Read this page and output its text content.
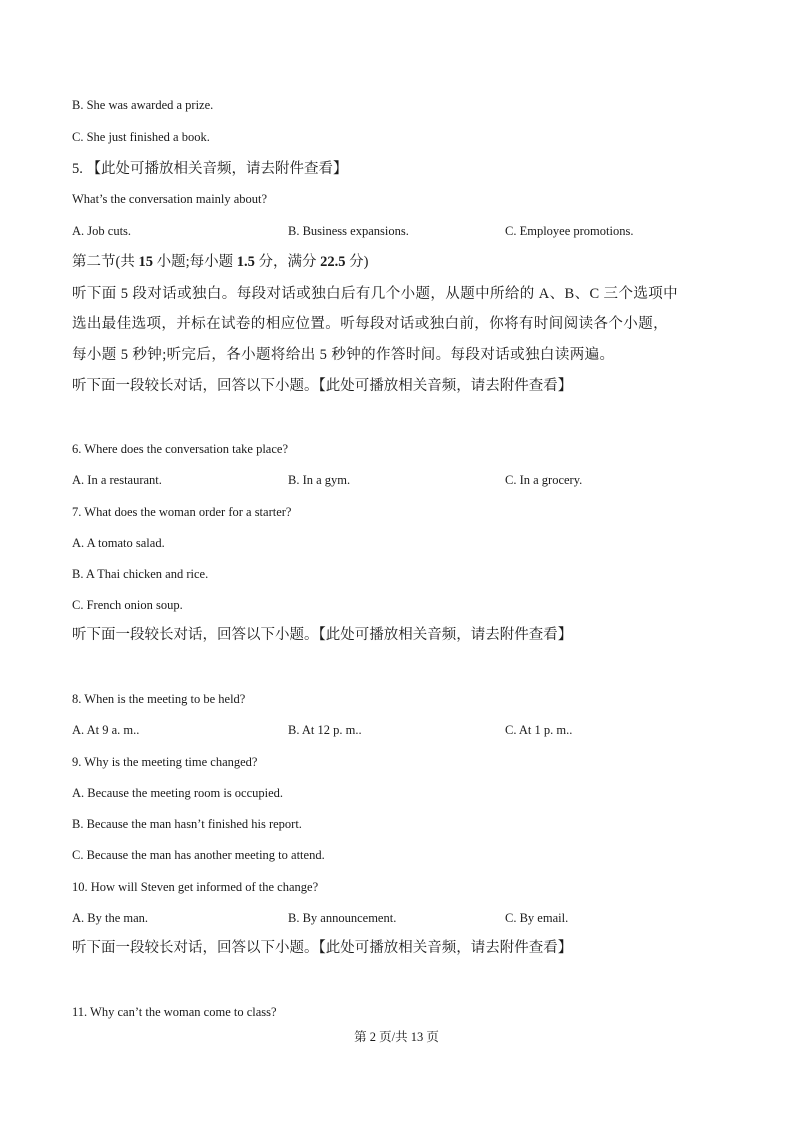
B. She was awarded a prize.
C. She just finished a book.
5. 【此处可播放相关音频，请去附件查看】
What’s the conversation mainly about?
A. Job cuts.	B. Business expansions.	C. Employee promotions.
第二节(共 15 小题;每小题 1.5 分，满分 22.5 分)
听下面 5 段对话或独白。每段对话或独白后有几个小题，从题中所给的 A、B、C 三个选项中
选出最佳选项，并标在试卷的相应位置。听每段对话或独白前，你将有时间阅读各个小题，
每小题 5 秒钟;听完后，各小题将给出 5 秒钟的作答时间。每段对话或独白读两遍。
听下面一段较长对话，回答以下小题。【此处可播放相关音频，请去附件查看】
6. Where does the conversation take place?
A. In a restaurant.	B. In a gym.	C. In a grocery.
7. What does the woman order for a starter?
A. A tomato salad.
B. A Thai chicken and rice.
C. French onion soup.
听下面一段较长对话，回答以下小题。【此处可播放相关音频，请去附件查看】
8. When is the meeting to be held?
A. At 9 a. m..	B. At 12 p. m..	C. At 1 p. m..
9. Why is the meeting time changed?
A. Because the meeting room is occupied.
B. Because the man hasn’t finished his report.
C. Because the man has another meeting to attend.
10. How will Steven get informed of the change?
A. By the man.	B. By announcement.	C. By email.
听下面一段较长对话，回答以下小题。【此处可播放相关音频，请去附件查看】
11. Why can’t the woman come to class?
第 2 页/共 13 页
